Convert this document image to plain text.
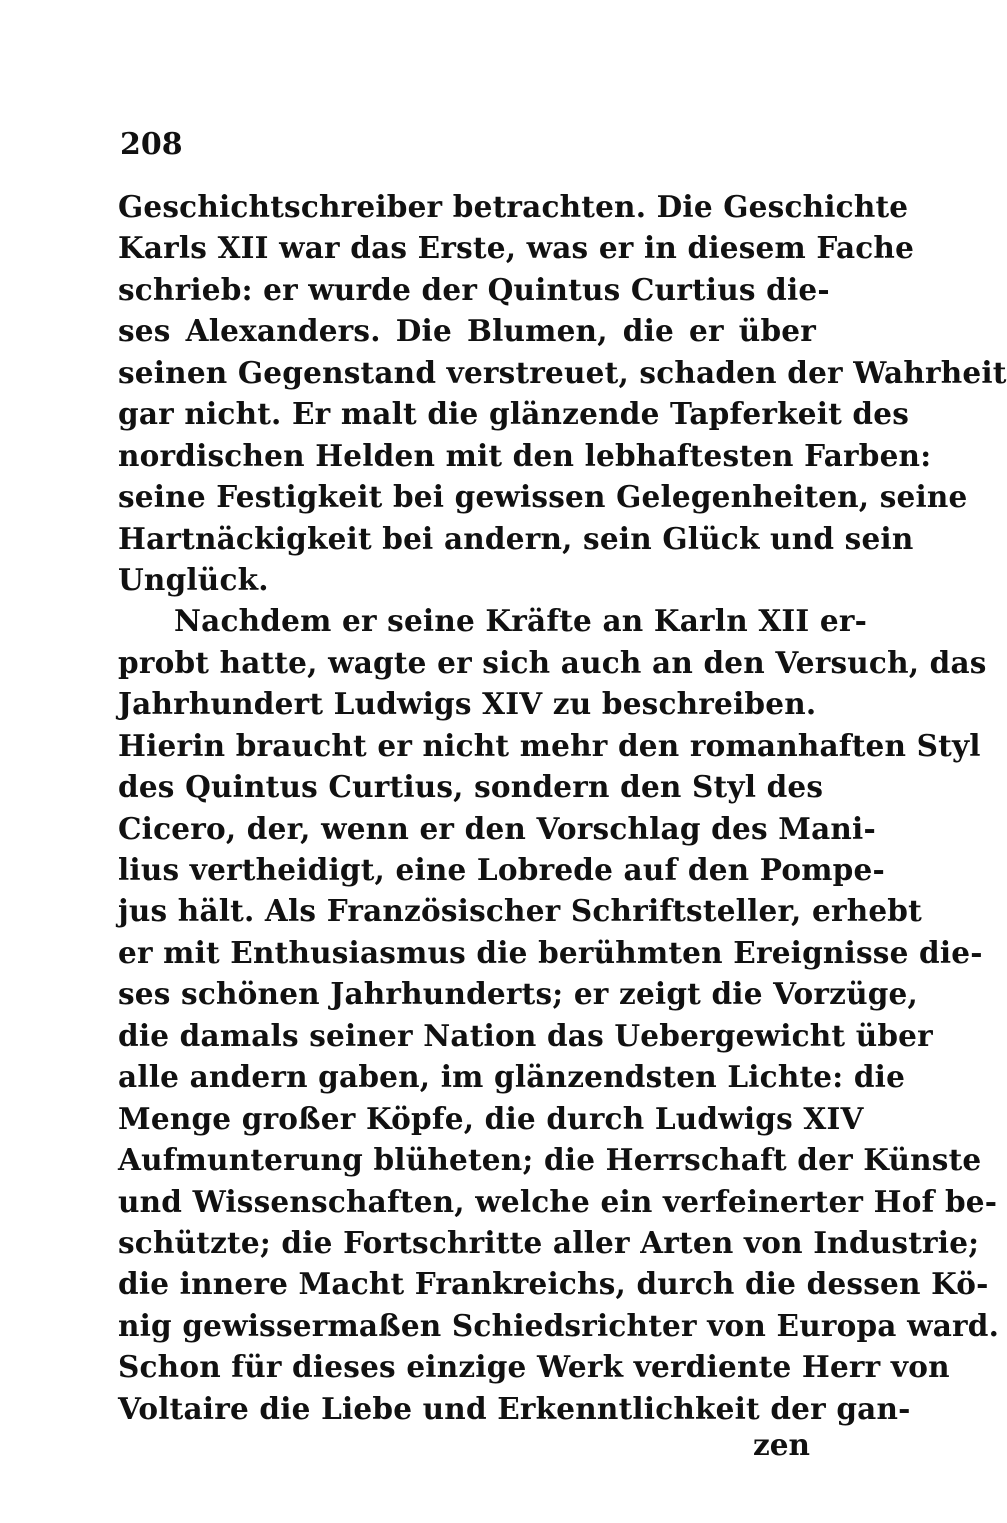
208
Geschichtschreiber betrachten. Die Geschichte
Karls XII war das Erste, was er in diesem Fache
schrieb: er wurde der Quintus Curtius die-
ses Alexanders. Die Blumen, die er über
seinen Gegenstand verstreuet, schaden der Wahrheit
gar nicht. Er malt die glänzende Tapferkeit des
nordischen Helden mit den lebhaftesten Farben:
seine Festigkeit bei gewissen Gelegenheiten, seine
Hartnäckigkeit bei andern, sein Glück und sein
Unglück.
Nachdem er seine Kräfte an Karln XII er-
probt hatte, wagte er sich auch an den Versuch, das
Jahrhundert Ludwigs XIV zu beschreiben.
Hierin braucht er nicht mehr den romanhaften Styl
des Quintus Curtius, sondern den Styl des
Cicero, der, wenn er den Vorschlag des Mani-
lius vertheidigt, eine Lobrede auf den Pompe-
jus hält. Als Französischer Schriftsteller, erhebt
er mit Enthusiasmus die berühmten Ereignisse die-
ses schönen Jahrhunderts; er zeigt die Vorzüge,
die damals seiner Nation das Uebergewicht über
alle andern gaben, im glänzendsten Lichte: die
Menge großer Köpfe, die durch Ludwigs XIV
Aufmunterung blüheten; die Herrschaft der Künste
und Wissenschaften, welche ein verfeinerter Hof be-
schützte; die Fortschritte aller Arten von Industrie;
die innere Macht Frankreichs, durch die dessen Kö-
nig gewissermaßen Schiedsrichter von Europa ward.
Schon für dieses einzige Werk verdiente Herr von
Voltaire die Liebe und Erkenntlichkeit der gan-
zen
